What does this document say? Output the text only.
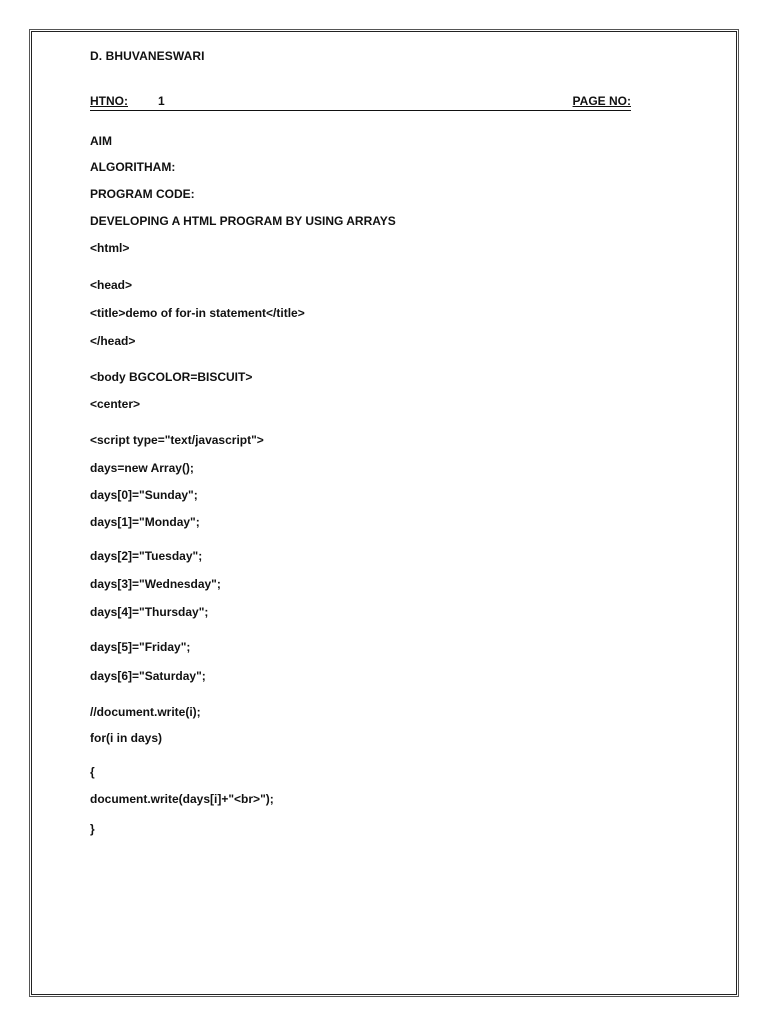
D. BHUVANESWARI
HTNO:	1	PAGE NO:
AIM
ALGORITHAM:
PROGRAM CODE:
DEVELOPING A HTML PROGRAM BY USING ARRAYS
<html>
<head>
<title>demo of for-in statement</title>
</head>
<body BGCOLOR=BISCUIT>
<center>
<script type="text/javascript">
days=new Array();
days[0]="Sunday";
days[1]="Monday";
days[2]="Tuesday";
days[3]="Wednesday";
days[4]="Thursday";
days[5]="Friday";
days[6]="Saturday";
//document.write(i);
for(i in days)
{
document.write(days[i]+"<br>");
}
